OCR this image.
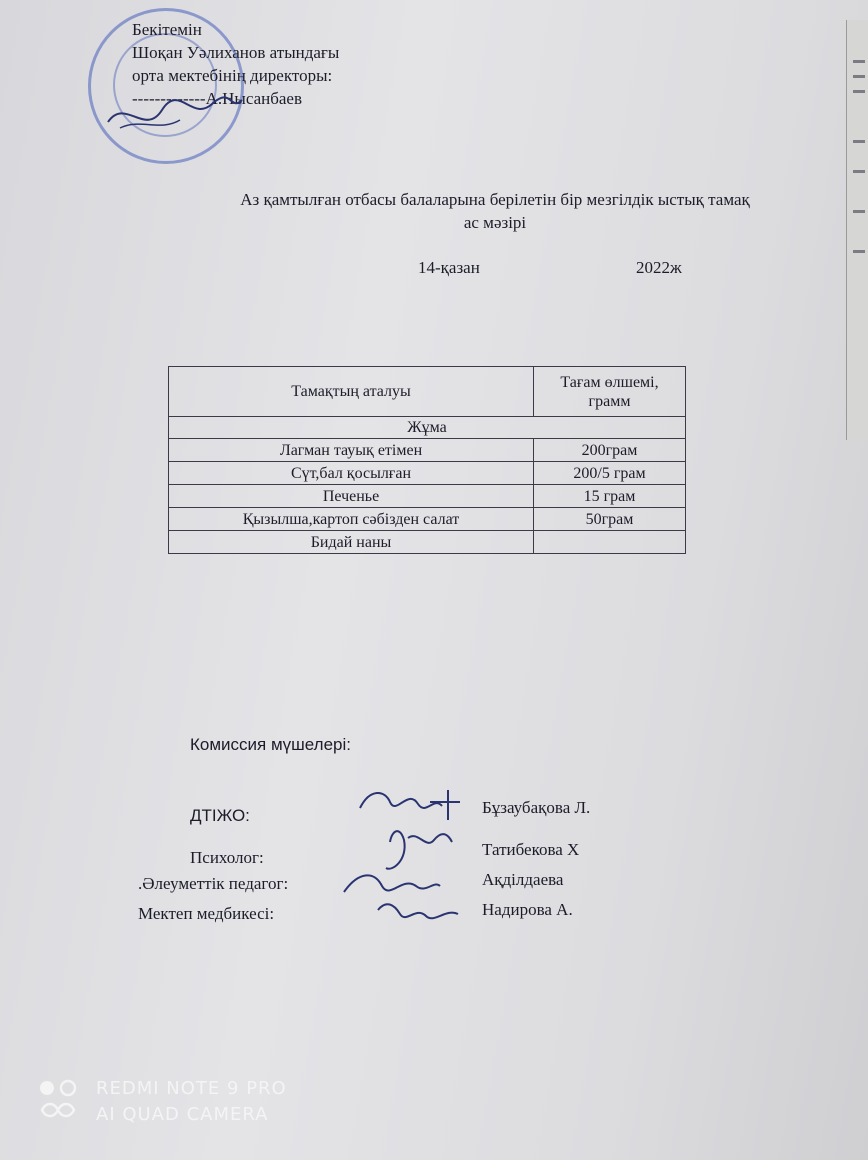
Бекітемін
Шоқан Уәлиханов атындағы
орта мектебінің директоры:
-------------А.Нысанбаев
Аз қамтылған отбасы балаларына берілетін бір мезгілдік ыстық тамақ
ас мәзірі
14-қазан	2022ж
Тамақтың аталуы	Тағам өлшемі, грамм
Жұма	
Лагман тауық етімен	200грам
Сүт,бал қосылған	200/5 грам
Печенье	15 грам
Қызылша,картоп сәбізден салат	50грам
Бидай наны	
Комиссия мүшелері:
ДТІЖО:
Психолог:
.Әлеуметтік педагог:
Мектеп медбикесі:
Бұзаубақова Л.
Татибекова Х
Ақділдаева
Надирова А.
REDMI NOTE 9 PRO
AI QUAD CAMERA
